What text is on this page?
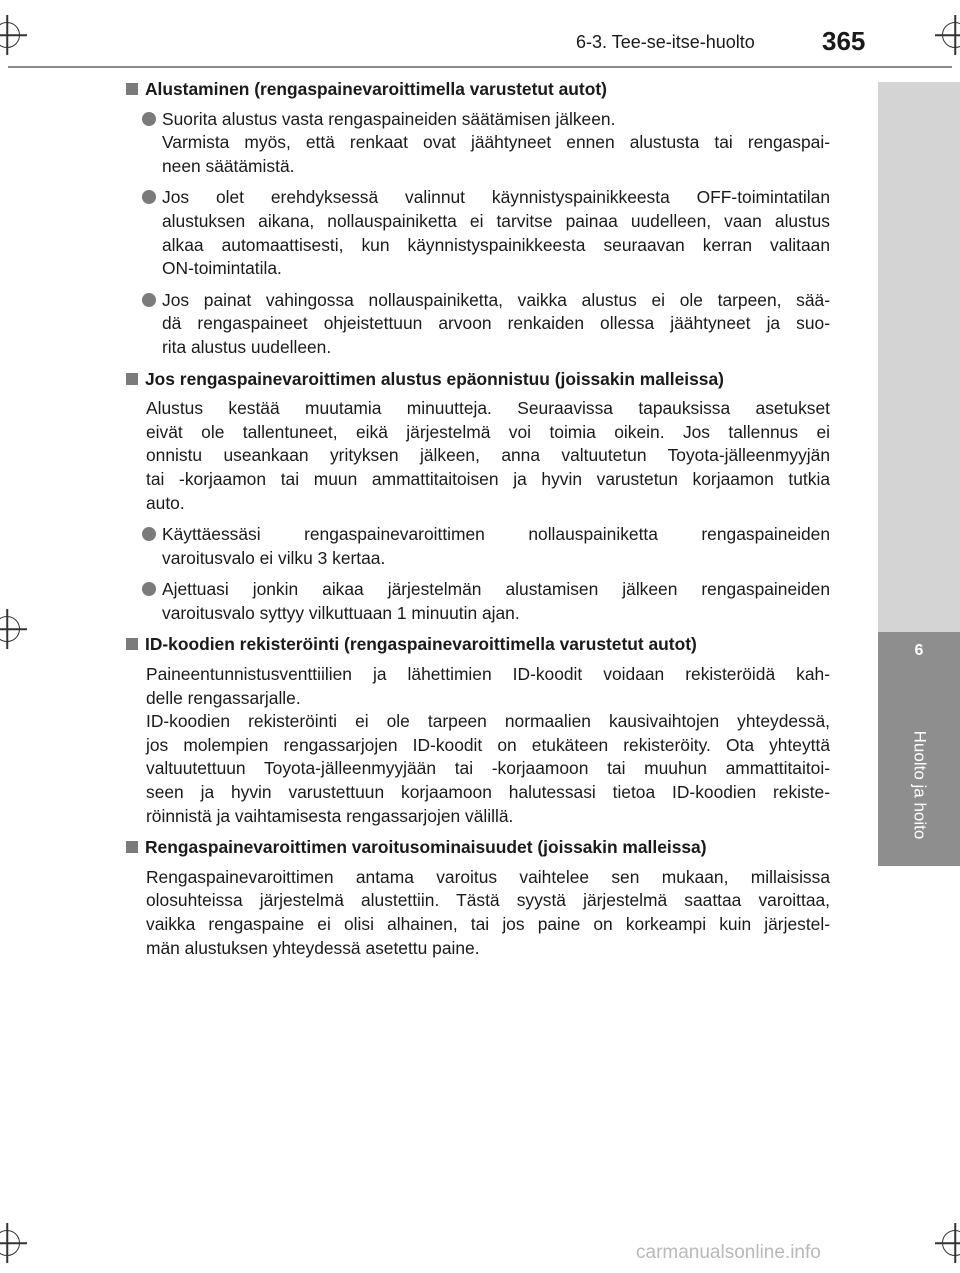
6-3. Tee-se-itse-huolto	365
6
Huolto ja hoito
Alustaminen (rengaspainevaroittimella varustetut autot)
Suorita alustus vasta rengaspaineiden säätämisen jälkeen.
Varmista myös, että renkaat ovat jäähtyneet ennen alustusta tai rengaspai-
neen säätämistä.
Jos olet erehdyksessä valinnut käynnistyspainikkeesta OFF-toimintatilan
alustuksen aikana, nollauspainiketta ei tarvitse painaa uudelleen, vaan alustus
alkaa automaattisesti, kun käynnistyspainikkeesta seuraavan kerran valitaan
ON-toimintatila.
Jos painat vahingossa nollauspainiketta, vaikka alustus ei ole tarpeen, sää-
dä rengaspaineet ohjeistettuun arvoon renkaiden ollessa jäähtyneet ja suo-
rita alustus uudelleen.
Jos rengaspainevaroittimen alustus epäonnistuu (joissakin malleissa)
Alustus kestää muutamia minuutteja. Seuraavissa tapauksissa asetukset
eivät ole tallentuneet, eikä järjestelmä voi toimia oikein. Jos tallennus ei
onnistu useankaan yrityksen jälkeen, anna valtuutetun Toyota-jälleenmyyjän
tai -korjaamon tai muun ammattitaitoisen ja hyvin varustetun korjaamon tutkia
auto.
Käyttäessäsi rengaspainevaroittimen nollauspainiketta rengaspaineiden
varoitusvalo ei vilku 3 kertaa.
Ajettuasi jonkin aikaa järjestelmän alustamisen jälkeen rengaspaineiden
varoitusvalo syttyy vilkuttuaan 1 minuutin ajan.
ID-koodien rekisteröinti (rengaspainevaroittimella varustetut autot)
Paineentunnistusventtiilien ja lähettimien ID-koodit voidaan rekisteröidä kah-
delle rengassarjalle.
ID-koodien rekisteröinti ei ole tarpeen normaalien kausivaihtojen yhteydessä,
jos molempien rengassarjojen ID-koodit on etukäteen rekisteröity. Ota yhteyttä
valtuutettuun Toyota-jälleenmyyjään tai -korjaamoon tai muuhun ammattitaitoi-
seen ja hyvin varustettuun korjaamoon halutessasi tietoa ID-koodien rekiste-
röinnistä ja vaihtamisesta rengassarjojen välillä.
Rengaspainevaroittimen varoitusominaisuudet (joissakin malleissa)
Rengaspainevaroittimen antama varoitus vaihtelee sen mukaan, millaisissa
olosuhteissa järjestelmä alustettiin. Tästä syystä järjestelmä saattaa varoittaa,
vaikka rengaspaine ei olisi alhainen, tai jos paine on korkeampi kuin järjestel-
män alustuksen yhteydessä asetettu paine.
carmanualsonline.info
